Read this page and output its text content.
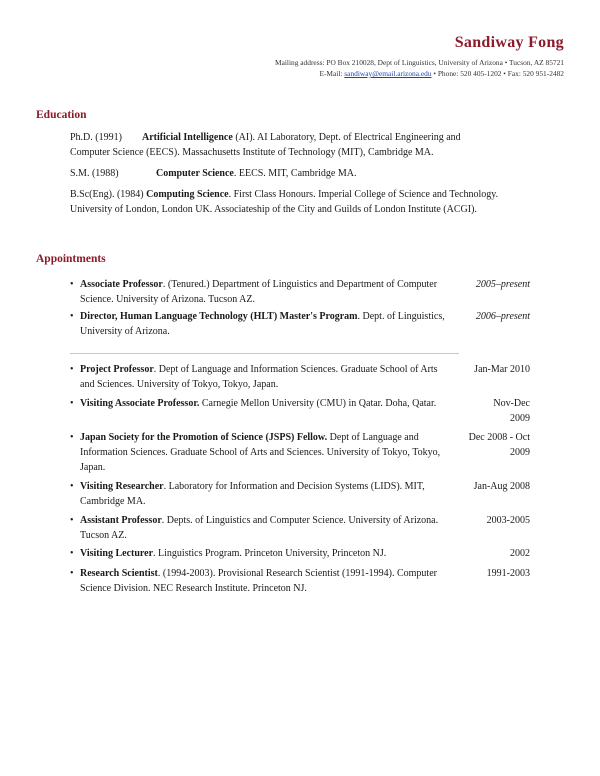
Sandiway Fong
Mailing address: PO Box 210028, Dept of Linguistics, University of Arizona • Tucson, AZ 85721
E-Mail: sandiway@email.arizona.edu • Phone: 520 405-1202 • Fax: 520 951-2482
Education
Ph.D. (1991) Artificial Intelligence (AI). AI Laboratory, Dept. of Electrical Engineering and Computer Science (EECS). Massachusetts Institute of Technology (MIT), Cambridge MA.
S.M. (1988)	Computer Science. EECS. MIT, Cambridge MA.
B.Sc(Eng). (1984) Computing Science. First Class Honours. Imperial College of Science and Technology. University of London, London UK. Associateship of the City and Guilds of London Institute (ACGI).
Appointments
• Associate Professor. (Tenured.) Department of Linguistics and Department of Computer Science. University of Arizona. Tucson AZ.
2005–present
• Director, Human Language Technology (HLT) Master's Program. Dept. of Linguistics, University of Arizona.
2006–present
• Project Professor. Dept of Language and Information Sciences. Graduate School of Arts and Sciences. University of Tokyo, Tokyo, Japan.
Jan-Mar 2010
• Visiting Associate Professor. Carnegie Mellon University (CMU) in Qatar. Doha, Qatar.	Nov-Dec 2009
• Japan Society for the Promotion of Science (JSPS) Fellow. Dept of Language and Information Sciences. Graduate School of Arts and Sciences. University of Tokyo, Tokyo, Japan.
Dec 2008 - Oct 2009
• Visiting Researcher. Laboratory for Information and Decision Systems (LIDS). MIT, Cambridge MA.
Jan-Aug 2008
• Assistant Professor. Depts. of Linguistics and Computer Science. University of Arizona. Tucson AZ.
2003-2005
• Visiting Lecturer. Linguistics Program. Princeton University, Princeton NJ.	2002
• Research Scientist. (1994-2003). Provisional Research Scientist (1991-1994). Computer Science Division. NEC Research Institute. Princeton NJ.
1991-2003
